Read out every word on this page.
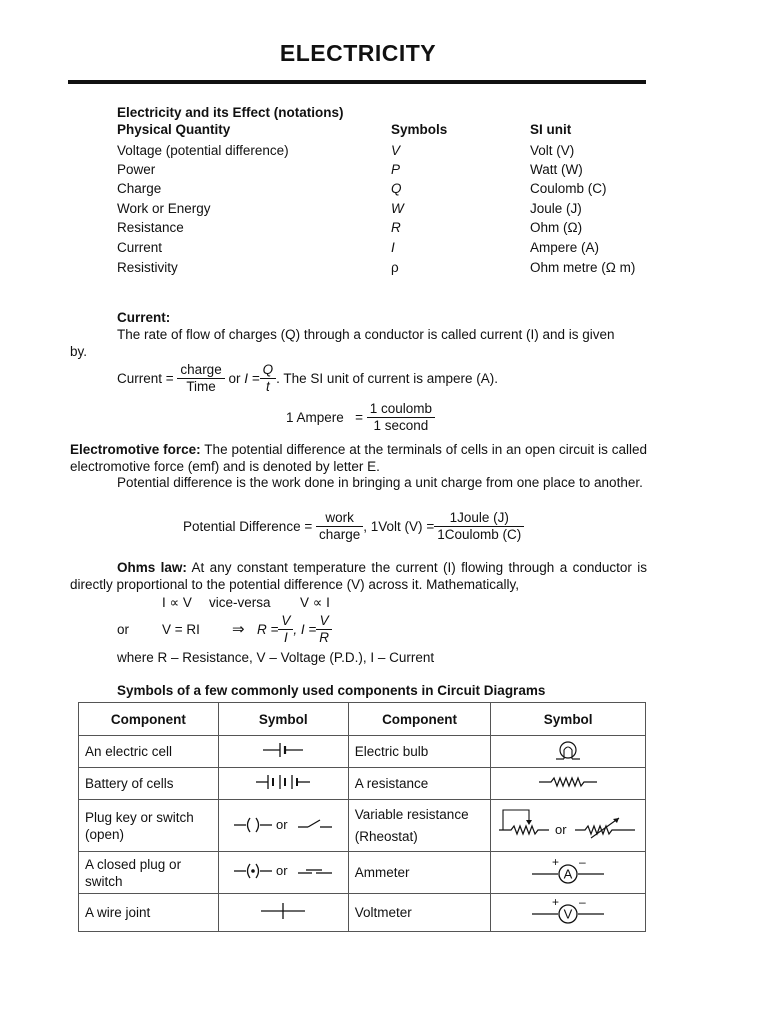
ELECTRICITY
Electricity and its Effect (notations)
Physical Quantity	Symbols	SI unit
Voltage (potential difference)	V	Volt (V)
Power	P	Watt (W)
Charge	Q	Coulomb (C)
Work or Energy	W	Joule (J)
Resistance	R	Ohm (Ω)
Current	I	Ampere (A)
Resistivity	ρ	Ohm metre (Ω m)
Current:
The rate of flow of charges (Q) through a conductor is called current (I) and is given
by.
Current =
$\frac{\text{charge}}{\text{Time}}$
or
$I = \frac{Q}{t}$ . The SI unit of current is ampere (A).
1 Ampere
=
$\frac{\text{1 coulomb}}{\text{1 second}}$
Electromotive force: The potential difference at the terminals of cells in an open circuit is called electromotive force (emf) and is denoted by letter E.
Potential difference is the work done in bringing a unit charge from one place to another.
Potential Difference
=
$\frac{\text{work}}{\text{charge}}$ , 1Volt (V)
= $\frac{\text{1Joule (J)}}{\text{1Coulomb (C)}}$
Ohms law: At any constant temperature the current (I) flowing through a conductor is directly proportional to the potential difference (V) across it. Mathematically,
I ∝ V vice-versa V ∝ I
or V = RI ⇒ $R = \frac{V}{I}$ , $I = \frac{V}{R}$
where R – Resistance, V – Voltage (P.D.), I – Current
Symbols of a few commonly used components in Circuit Diagrams
Component	Symbol	Component	Symbol
An electric cell		Electric bulb	
Battery of cells		A resistance	
Plug key or switch (open)	or	Variable resistance (Rheostat)	or

A closed plug or switch	or	Ammeter	A
+ –

A wire joint		Voltmeter	V
+ –
